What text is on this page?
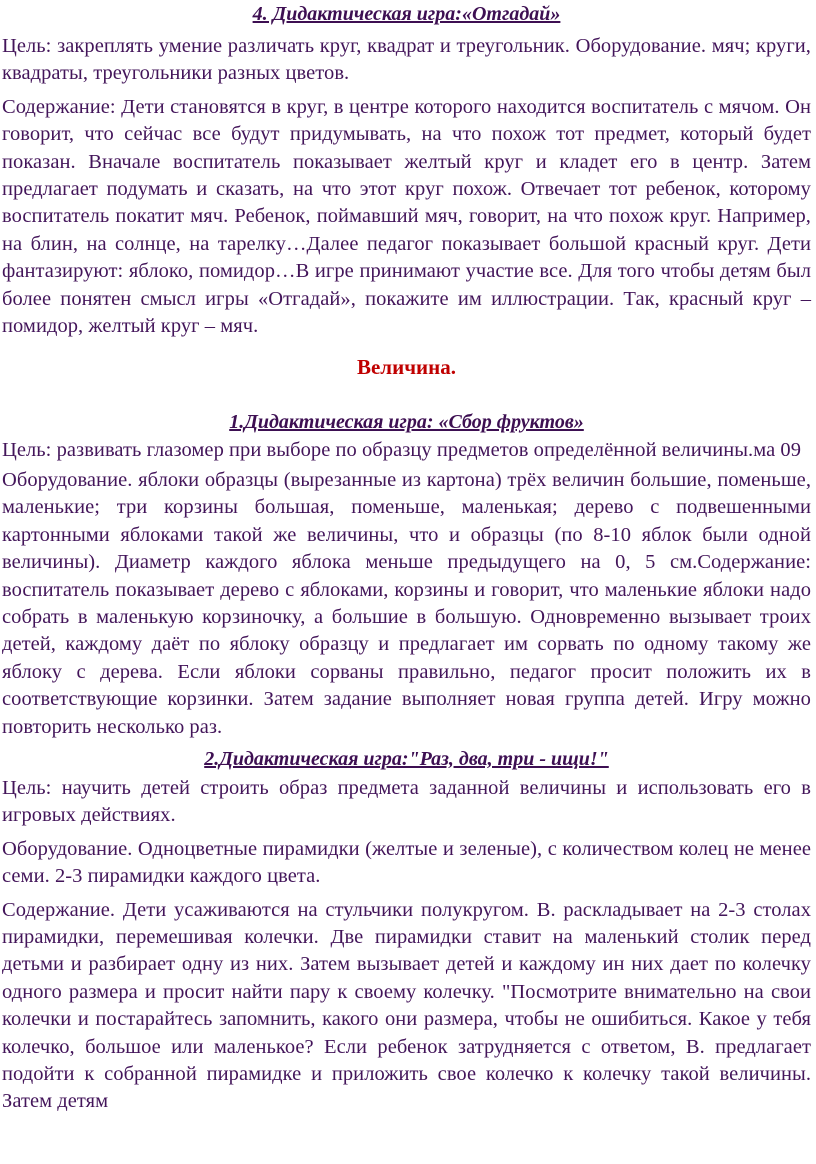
4. Дидактическая игра:«Отгадай»

Цель: закреплять умение различать круг, квадрат и треугольник. Оборудование. мяч; круги, квадраты, треугольники разных цветов.

Содержание: Дети становятся в круг, в центре которого находится воспитатель с мячом. Он говорит, что сейчас все будут придумывать, на что похож тот предмет, который будет показан. Вначале воспитатель показывает желтый круг и кладет его в центр. Затем предлагает подумать и сказать, на что этот круг похож. Отвечает тот ребенок, которому воспитатель покатит мяч. Ребенок, поймавший мяч, говорит, на что похож круг. Например, на блин, на солнце, на тарелку…Далее педагог показывает большой красный круг. Дети фантазируют: яблоко, помидор…В игре принимают участие все. Для того чтобы детям был более понятен смысл игры «Отгадай», покажите им иллюстрации. Так, красный круг – помидор, желтый круг – мяч.

Величина.
1.Дидактическая игра: «Сбор фруктов»

Цель: развивать глазомер при выборе по образцу предметов определённой величины.ма 09

Оборудование. яблоки образцы (вырезанные из картона) трёх величин большие, поменьше, маленькие; три корзины большая, поменьше, маленькая; дерево с подвешенными картонными яблоками такой же величины, что и образцы (по 8-10 яблок были одной величины). Диаметр каждого яблока меньше предыдущего на 0, 5 см.Содержание: воспитатель показывает дерево с яблоками, корзины и говорит, что маленькие яблоки надо собрать в маленькую корзиночку, а большие в большую. Одновременно вызывает троих детей, каждому даёт по яблоку образцу и предлагает им сорвать по одному такому же яблоку с дерева. Если яблоки сорваны правильно, педагог просит положить их в соответствующие корзинки. Затем задание выполняет новая группа детей. Игру можно повторить несколько раз.

2.Дидактическая игра:"Раз, два, три - ищи!"

Цель: научить детей строить образ предмета заданной величины и использовать его в игровых действиях.

Оборудование. Одноцветные пирамидки (желтые и зеленые), с количеством колец не менее семи. 2-3 пирамидки каждого цвета.

Содержание. Дети усаживаются на стульчики полукругом. В. раскладывает на 2-3 столах пирамидки, перемешивая колечки. Две пирамидки ставит на маленький столик перед детьми и разбирает одну из них. Затем вызывает детей и каждому ин них дает по колечку одного размера и просит найти пару к своему колечку. "Посмотрите внимательно на свои колечки и постарайтесь запомнить, какого они размера, чтобы не ошибиться. Какое у тебя колечко, большое или маленькое? Если ребенок затрудняется с ответом, В. предлагает подойти к собранной пирамидке и приложить свое колечко к колечку такой величины. Затем детям
